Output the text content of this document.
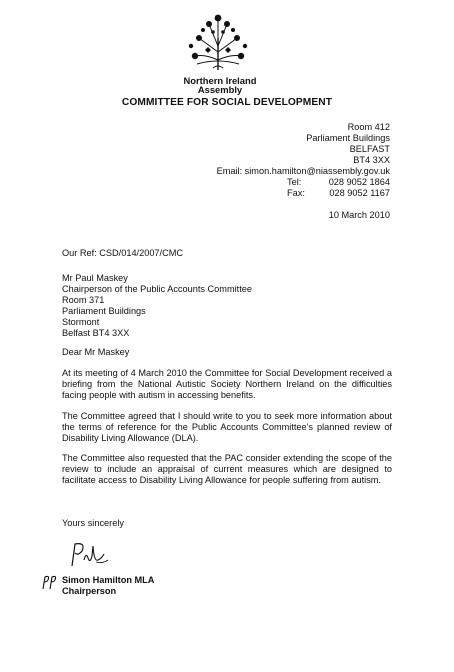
Northern Ireland
Assembly
COMMITTEE FOR SOCIAL DEVELOPMENT
Room 412
Parliament Buildings
BELFAST
BT4 3XX
Email: simon.hamilton@niassembly.gov.uk
Tel:	028 9052 1864
Fax:	028 9052 1167
10 March 2010
Our Ref: CSD/014/2007/CMC
Mr Paul Maskey
Chairperson of the Public Accounts Committee
Room 371
Parliament Buildings
Stormont
Belfast BT4 3XX
Dear Mr Maskey
At its meeting of 4 March 2010 the Committee for Social Development received a briefing from the National Autistic Society Northern Ireland on the difficulties facing people with autism in accessing benefits.
The Committee agreed that I should write to you to seek more information about the terms of reference for the Public Accounts Committee's planned review of Disability Living Allowance (DLA).
The Committee also requested that the PAC consider extending the scope of the review to include an appraisal of current measures which are designed to facilitate access to Disability Living Allowance for people suffering from autism.
Yours sincerely
Simon Hamilton MLA
Chairperson
